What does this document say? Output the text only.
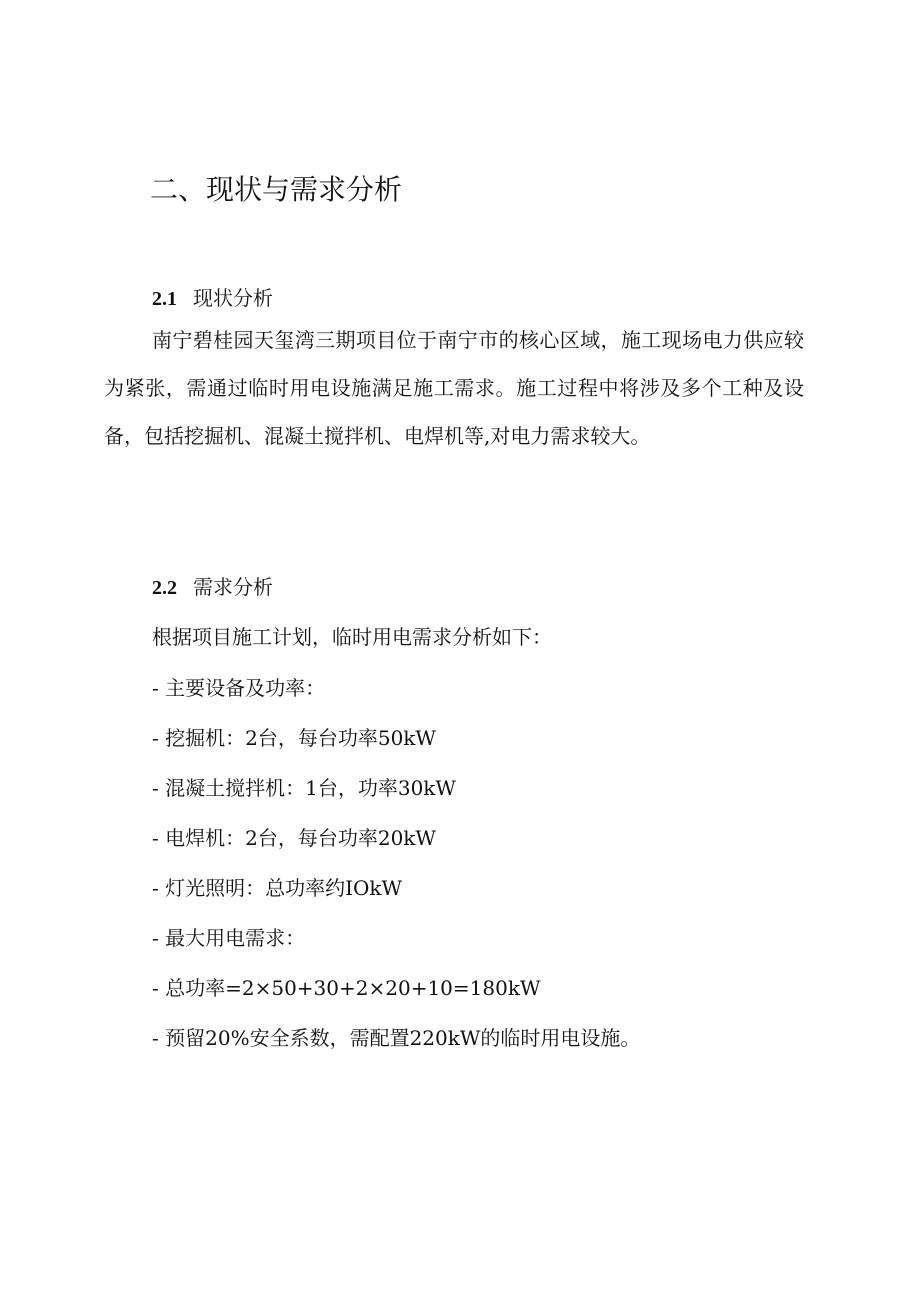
二、现状与需求分析
2.1 现状分析

南宁碧桂园天玺湾三期项目位于南宁市的核心区域，施工现场电力供应较为紧张，需通过临时用电设施满足施工需求。施工过程中将涉及多个工种及设备，包括挖掘机、混凝土搅拌机、电焊机等,对电力需求较大。

2.2 需求分析

根据项目施工计划，临时用电需求分析如下：

- 主要设备及功率：

- 挖掘机：2台，每台功率50kW

- 混凝土搅拌机：1台，功率30kW

- 电焊机：2台，每台功率20kW

- 灯光照明：总功率约IOkW

- 最大用电需求：

- 总功率=2×50+30+2×20+10=180kW

- 预留20%安全系数，需配置220kW的临时用电设施。
